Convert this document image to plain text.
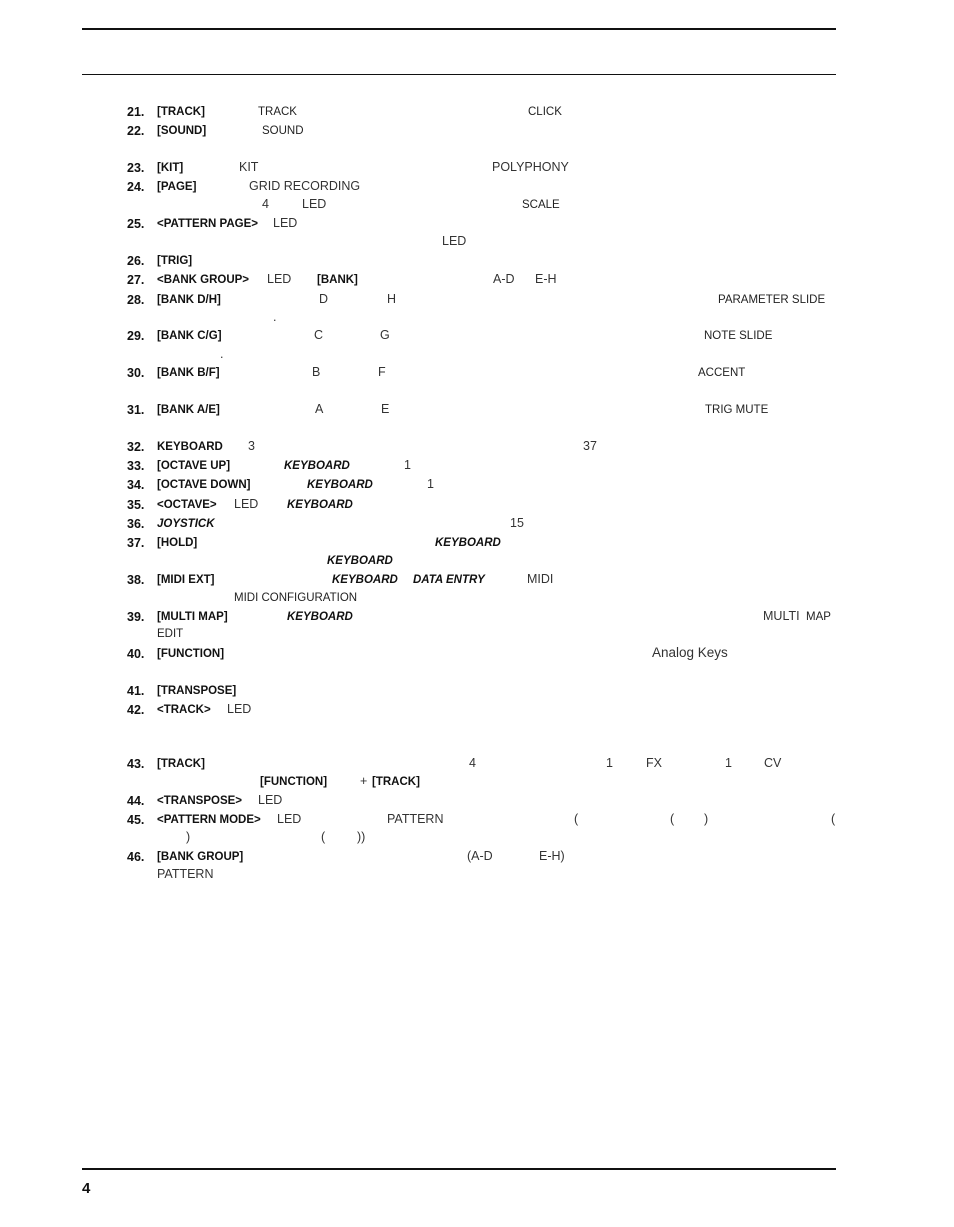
21. [TRACK]	TRACK	CLICK
22. [SOUND]	SOUND
23. [KIT]	KIT	POLYPHONY
24. [PAGE]	GRID RECORDING
4	LED	SCALE
25. <PATTERN PAGE> LED
LED
26. [TRIG]
27. <BANK GROUP> LED [BANK]	A-D E-H
28. [BANK D/H]	D	H	PARAMETER SLIDE
.
29. [BANK C/G]	C	G	NOTE SLIDE
.
30. [BANK B/F]	B	F	ACCENT
31. [BANK A/E]	A	E	TRIG MUTE
32. KEYBOARD 3	37
33. [OCTAVE UP]	KEYBOARD	1
34. [OCTAVE DOWN]	KEYBOARD	1
35. <OCTAVE> LED KEYBOARD
36. JOYSTICK	15
37. [HOLD]	KEYBOARD
KEYBOARD
38. [MIDI EXT]	KEYBOARD DATA ENTRY	MIDI
MIDI CONFIGURATION
39. [MULTI MAP]	KEYBOARD	MULTI MAP
EDIT
40. [FUNCTION]	Analog Keys
41. [TRANSPOSE]
42. <TRACK> LED
43. [TRACK]	4	1	FX	1	CV
[FUNCTION]	+ [TRACK]
44. <TRANSPOSE> LED
45. <PATTERN MODE> LED	PATTERN	(	( )	(
)	(	))
46. [BANK GROUP]	(A-D	E-H)
PATTERN
4
